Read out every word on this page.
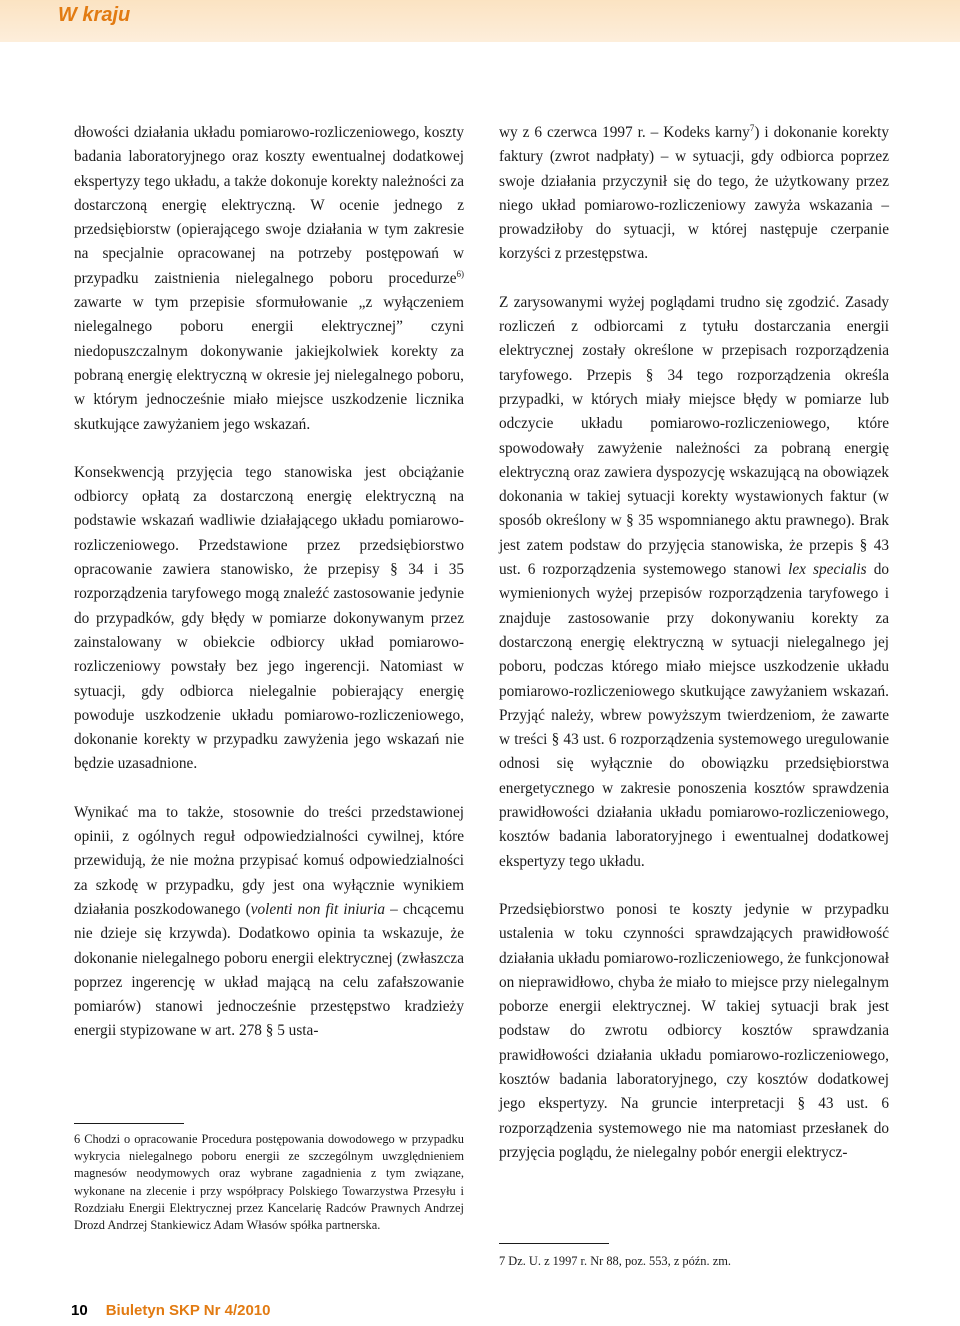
W kraju

dłowości działania układu pomiarowo-rozliczeniowego, koszty badania laboratoryjnego oraz koszty ewentualnej dodatkowej ekspertyzy tego układu, a także dokonuje korekty należności za dostarczoną energię elektryczną. W ocenie jednego z przedsiębiorstw (opierającego swoje działania w tym zakresie na specjalnie opracowanej na potrzeby postępowań w przypadku zaistnienia nielegalnego poboru procedurze$^{6)}$ zawarte w tym przepisie sformułowanie „z wyłączeniem nielegalnego poboru energii elektrycznej” czyni niedopuszczalnym dokonywanie jakiejkolwiek korekty za pobraną energię elektryczną w okresie jej nielegalnego poboru, w którym jednocześnie miało miejsce uszkodzenie licznika skutkujące zawyżaniem jego wskazań.

Konsekwencją przyjęcia tego stanowiska jest obciążanie odbiorcy opłatą za dostarczoną energię elektryczną na podstawie wskazań wadliwie działającego układu pomiarowo-rozliczeniowego. Przedstawione przez przedsiębiorstwo opracowanie zawiera stanowisko, że przepisy § 34 i 35 rozporządzenia taryfowego mogą znaleźć zastosowanie jedynie do przypadków, gdy błędy w pomiarze dokonywanym przez zainstalowany w obiekcie odbiorcy układ pomiarowo-rozliczeniowy powstały bez jego ingerencji. Natomiast w sytuacji, gdy odbiorca nielegalnie pobierający energię powoduje uszkodzenie układu pomiarowo-rozliczeniowego, dokonanie korekty w przypadku zawyżenia jego wskazań nie będzie uzasadnione.

Wynikać ma to także, stosownie do treści przedstawionej opinii, z ogólnych reguł odpowiedzialności cywilnej, które przewidują, że nie można przypisać komuś odpowiedzialności za szkodę w przypadku, gdy jest ona wyłącznie wynikiem działania poszkodowanego (volenti non fit iniuria – chcącemu nie dzieje się krzywda). Dodatkowo opinia ta wskazuje, że dokonanie nielegalnego poboru energii elektrycznej (zwłaszcza poprzez ingerencję w układ mającą na celu zafałszowanie pomiarów) stanowi jednocześnie przestępstwo kradzieży energii stypizowane w art. 278 § 5 usta-

6 Chodzi o opracowanie Procedura postępowania dowodowego w przypadku wykrycia nielegalnego poboru energii ze szczególnym uwzględnieniem magnesów neodymowych oraz wybrane zagadnienia z tym związane, wykonane na zlecenie i przy współpracy Polskiego Towarzystwa Przesyłu i Rozdziału Energii Elektrycznej przez Kancelarię Radców Prawnych Andrzej Drozd Andrzej Stankiewicz Adam Własów spółka partnerska.

wy z 6 czerwca 1997 r. – Kodeks karny$^7$) i dokonanie korekty faktury (zwrot nadpłaty) – w sytuacji, gdy odbiorca poprzez swoje działania przyczynił się do tego, że użytkowany przez niego układ pomiarowo-rozliczeniowy zawyża wskazania – prowadziłoby do sytuacji, w której następuje czerpanie korzyści z przestępstwa.

Z zarysowanymi wyżej poglądami trudno się zgodzić. Zasady rozliczeń z odbiorcami z tytułu dostarczania energii elektrycznej zostały określone w przepisach rozporządzenia taryfowego. Przepis § 34 tego rozporządzenia określa przypadki, w których miały miejsce błędy w pomiarze lub odczycie układu pomiarowo-rozliczeniowego, które spowodowały zawyżenie należności za pobraną energię elektryczną oraz zawiera dyspozycję wskazującą na obowiązek dokonania w takiej sytuacji korekty wystawionych faktur (w sposób określony w § 35 wspomnianego aktu prawnego). Brak jest zatem podstaw do przyjęcia stanowiska, że przepis § 43 ust. 6 rozporządzenia systemowego stanowi lex specialis do wymienionych wyżej przepisów rozporządzenia taryfowego i znajduje zastosowanie przy dokonywaniu korekty za dostarczoną energię elektryczną w sytuacji nielegalnego jej poboru, podczas którego miało miejsce uszkodzenie układu pomiarowo-rozliczeniowego skutkujące zawyżaniem wskazań. Przyjąć należy, wbrew powyższym twierdzeniom, że zawarte w treści § 43 ust. 6 rozporządzenia systemowego uregulowanie odnosi się wyłącznie do obowiązku przedsiębiorstwa energetycznego w zakresie ponoszenia kosztów sprawdzenia prawidłowości działania układu pomiarowo-rozliczeniowego, kosztów badania laboratoryjnego i ewentualnej dodatkowej ekspertyzy tego układu.

Przedsiębiorstwo ponosi te koszty jedynie w przypadku ustalenia w toku czynności sprawdzających prawidłowość działania układu pomiarowo-rozliczeniowego, że funkcjonował on nieprawidłowo, chyba że miało to miejsce przy nielegalnym poborze energii elektrycznej. W takiej sytuacji brak jest podstaw do zwrotu odbiorcy kosztów sprawdzania prawidłowości działania układu pomiarowo-rozliczeniowego, kosztów badania laboratoryjnego, czy kosztów dodatkowej jego ekspertyzy. Na gruncie interpretacji § 43 ust. 6 rozporządzenia systemowego nie ma natomiast przesłanek do przyjęcia poglądu, że nielegalny pobór energii elektrycz-

7 Dz. U. z 1997 r. Nr 88, poz. 553, z późn. zm.
10 Biuletyn SKP Nr 4/2010
